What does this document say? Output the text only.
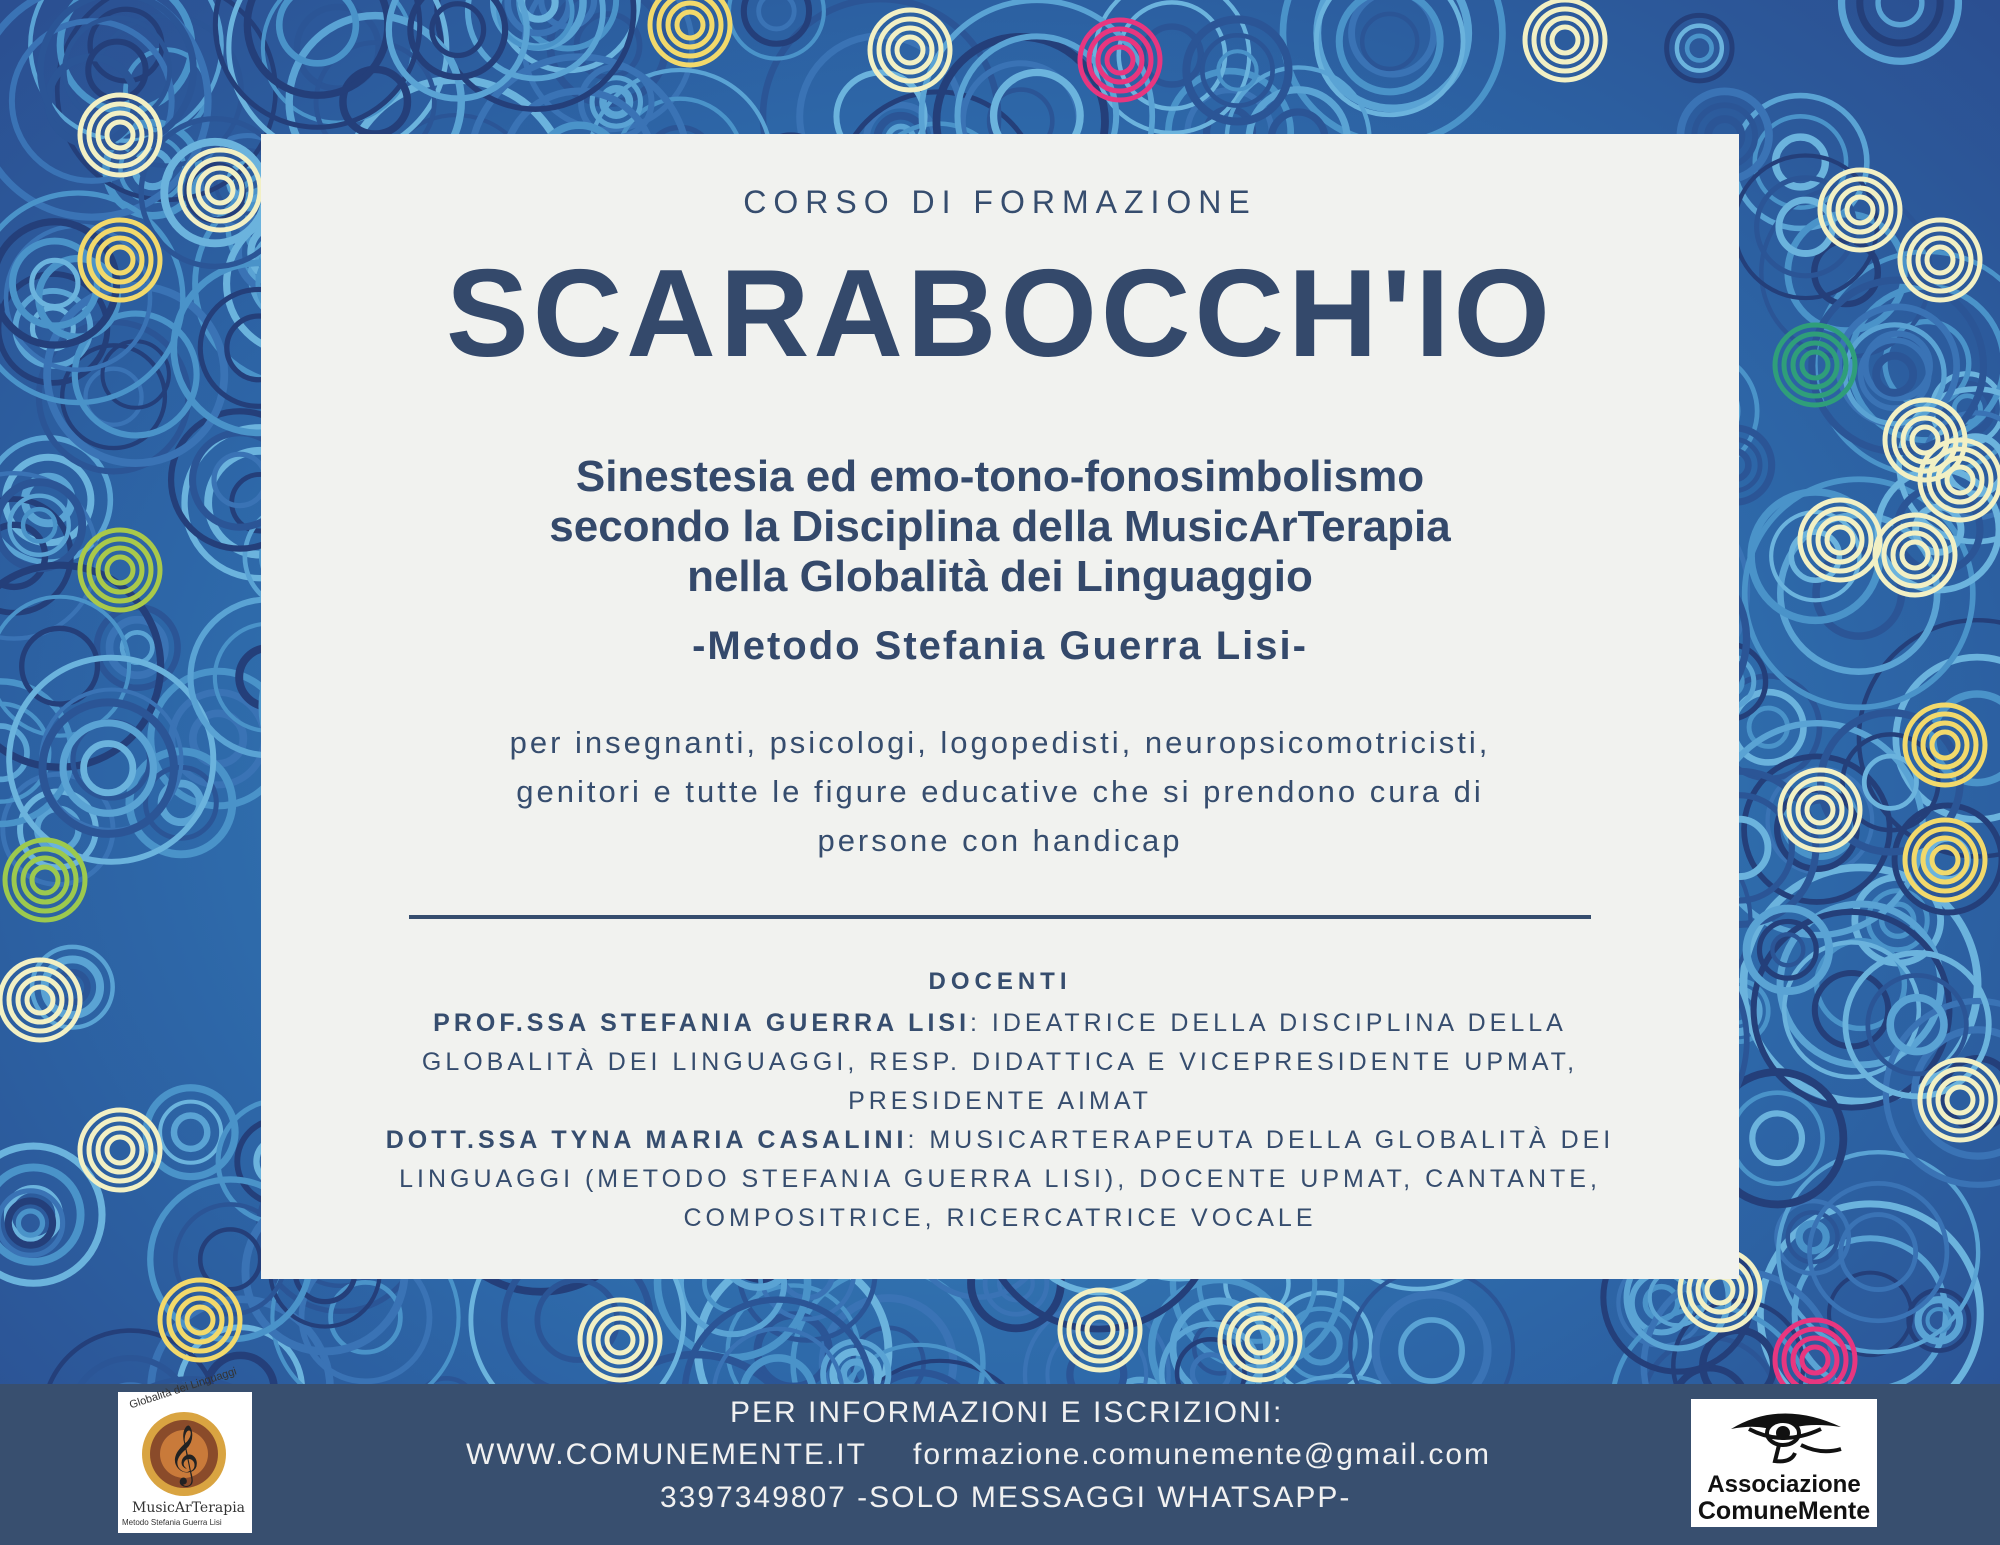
CORSO DI FORMAZIONE
SCARABOCCH'IO
Sinestesia ed emo-tono-fonosimbolismo
secondo la Disciplina della MusicArTerapia
nella Globalità dei Linguaggio
-Metodo Stefania Guerra Lisi-
per insegnanti, psicologi, logopedisti, neuropsicomotricisti,
genitori e tutte le figure educative che si prendono cura di
persone con handicap
DOCENTI
PROF.SSA STEFANIA GUERRA LISI: IDEATRICE DELLA DISCIPLINA DELLA GLOBALITÀ DEI LINGUAGGI, RESP. DIDATTICA E VICEPRESIDENTE UPMAT, PRESIDENTE AIMAT
DOTT.SSA TYNA MARIA CASALINI: MUSICARTERAPEUTA DELLA GLOBALITÀ DEI LINGUAGGI (METODO STEFANIA GUERRA LISI), DOCENTE UPMAT, CANTANTE, COMPOSITRICE, RICERCATRICE VOCALE
PER INFORMAZIONI E ISCRIZIONI:
WWW.COMUNEMENTE.IT formazione.comunemente@gmail.com
3397349807 -SOLO MESSAGGI WHATSAPP-
𝄞
Globalità dei Linguaggi
MusicArTerapia
Metodo Stefania Guerra Lisi
Associazione
ComuneMente
